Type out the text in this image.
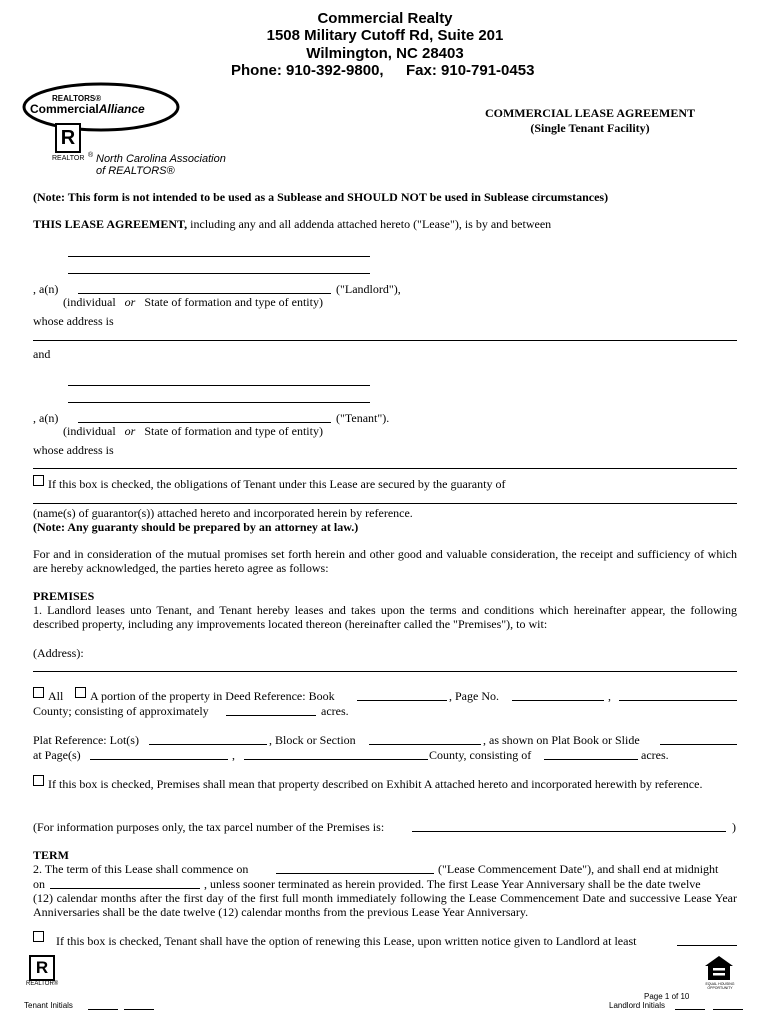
Commercial Realty
1508 Military Cutoff Rd, Suite 201
Wilmington, NC 28403
Phone: 910-392-9800, Fax: 910-791-0453
REALTORS®
CommercialAlliance
R
REALTOR ® North Carolina Association
of REALTORS®
COMMERCIAL LEASE AGREEMENT
(Single Tenant Facility)
(Note: This form is not intended to be used as a Sublease and SHOULD NOT be used in Sublease circumstances)
THIS LEASE AGREEMENT, including any and all addenda attached hereto ("Lease"), is by and between
, a(n)	("Landlord"),
(individual or State of formation and type of entity)
whose address is
and
, a(n)	("Tenant").
(individual or State of formation and type of entity)
whose address is
If this box is checked, the obligations of Tenant under this Lease are secured by the guaranty of
(name(s) of guarantor(s)) attached hereto and incorporated herein by reference.
(Note: Any guaranty should be prepared by an attorney at law.)
For and in consideration of the mutual promises set forth herein and other good and valuable consideration, the receipt and sufficiency of which are hereby acknowledged, the parties hereto agree as follows:
PREMISES
1. Landlord leases unto Tenant, and Tenant hereby leases and takes upon the terms and conditions which hereinafter appear, the following described property, including any improvements located thereon (hereinafter called the "Premises"), to wit:
(Address):
All A portion of the property in Deed Reference: Book	, Page No.	,
County; consisting of approximately	acres.
Plat Reference: Lot(s)	, Block or Section	, as shown on Plat Book or Slide
at Page(s)	,	County, consisting of	acres.
If this box is checked, Premises shall mean that property described on Exhibit A attached hereto and incorporated herewith by reference.
(For information purposes only, the tax parcel number of the Premises is:	)
TERM
2. The term of this Lease shall commence on	("Lease Commencement Date"), and shall end at midnight
on	, unless sooner terminated as herein provided. The first Lease Year Anniversary shall be the date twelve
(12) calendar months after the first day of the first full month immediately following the Lease Commencement Date and successive Lease Year Anniversaries shall be the date twelve (12) calendar months from the previous Lease Year Anniversary.
If this box is checked, Tenant shall have the option of renewing this Lease, upon written notice given to Landlord at least
R
REALTOR®	EQUAL HOUSING OPPORTUNITY
Page 1 of 10
Tenant Initials	Landlord Initials
